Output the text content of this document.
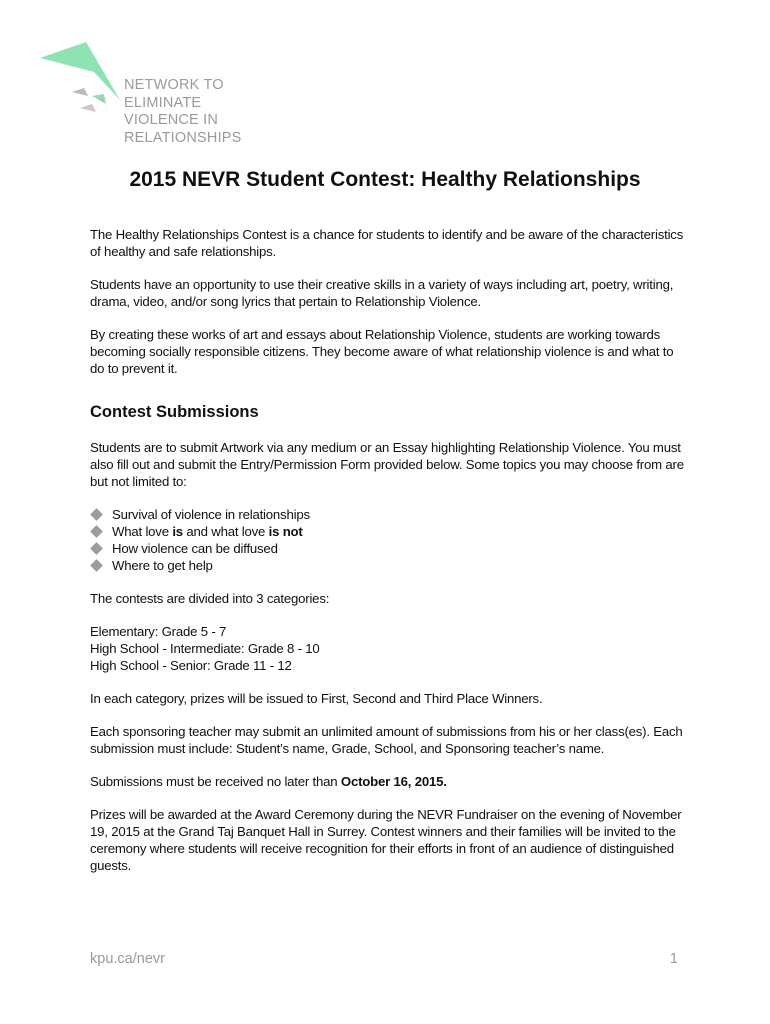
NETWORK TO
ELIMINATE
VIOLENCE IN
RELATIONSHIPS
2015 NEVR Student Contest: Healthy Relationships

The Healthy Relationships Contest is a chance for students to identify and be aware of the characteristics of healthy and safe relationships.

Students have an opportunity to use their creative skills in a variety of ways including art, poetry, writing, drama, video, and/or song lyrics that pertain to Relationship Violence.

By creating these works of art and essays about Relationship Violence, students are working towards becoming socially responsible citizens. They become aware of what relationship violence is and what to do to prevent it.

Contest Submissions

Students are to submit Artwork via any medium or an Essay highlighting Relationship Violence. You must also fill out and submit the Entry/Permission Form provided below. Some topics you may choose from are but not limited to:

Survival of violence in relationships
What love is and what love is not
How violence can be diffused
Where to get help

The contests are divided into 3 categories:

Elementary: Grade 5 - 7
High School - Intermediate: Grade 8 - 10
High School - Senior: Grade 11 - 12

In each category, prizes will be issued to First, Second and Third Place Winners.

Each sponsoring teacher may submit an unlimited amount of submissions from his or her class(es). Each submission must include: Student’s name, Grade, School, and Sponsoring teacher’s name.

Submissions must be received no later than October 16, 2015.

Prizes will be awarded at the Award Ceremony during the NEVR Fundraiser on the evening of November 19, 2015 at the Grand Taj Banquet Hall in Surrey. Contest winners and their families will be invited to the ceremony where students will receive recognition for their efforts in front of an audience of distinguished guests.

kpu.ca/nevr	1
